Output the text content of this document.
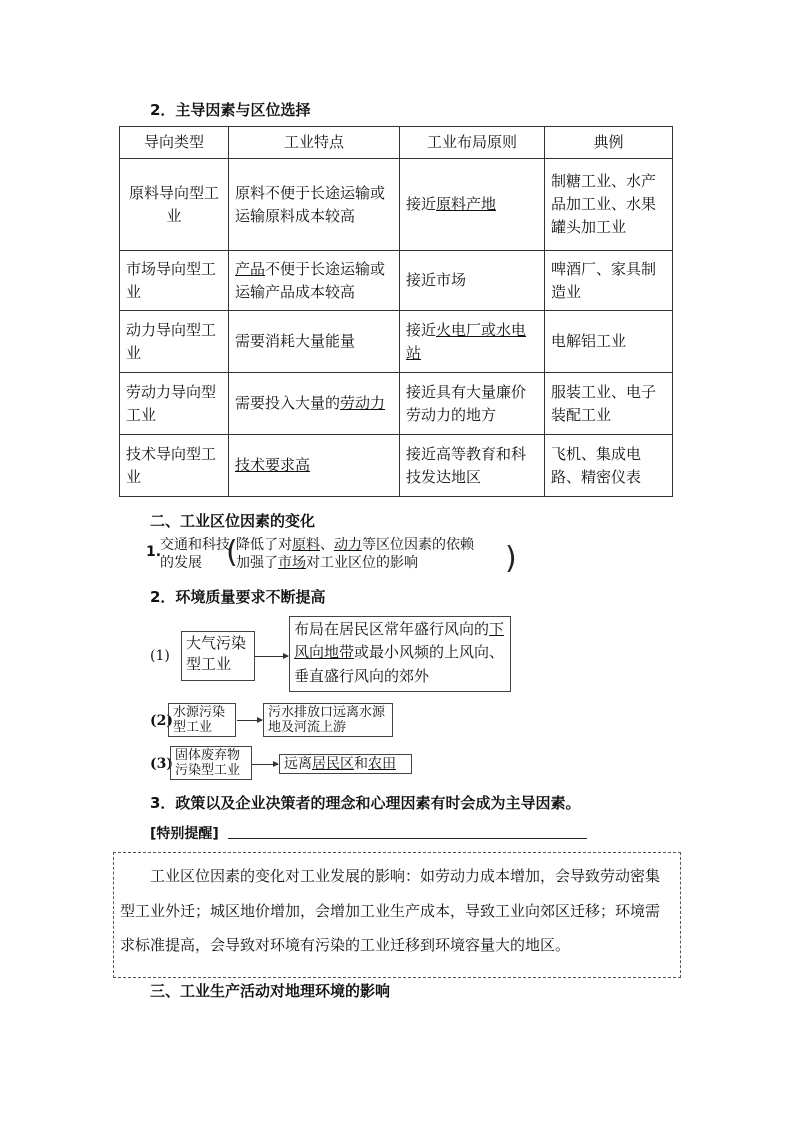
2．主导因素与区位选择
导向类型	工业特点	工业布局原则	典例
原料导向型工业	原料不便于长途运输或运输原料成本较高	接近原料产地	制糖工业、水产品加工业、水果罐头加工业
市场导向型工业	产品不便于长途运输或运输产品成本较高	接近市场	啤酒厂、家具制造业
动力导向型工业	需要消耗大量能量	接近火电厂或水电站	电解铝工业
劳动力导向型工业	需要投入大量的劳动力	接近具有大量廉价劳动力的地方	服装工业、电子装配工业
技术导向型工业	技术要求高	接近高等教育和科技发达地区	飞机、集成电路、精密仪表
二、工业区位因素的变化
1.
交通和科技的发展 (
降低了对原料、动力等区位因素的依赖
加强了市场对工业区位的影响	)
2．环境质量要求不断提高
(1)
大气污染型工业
布局在居民区常年盛行风向的下风向地带或最小风频的上风向、垂直盛行风向的郊外
(2)
水源污染型工业
污水排放口远离水源地及河流上游
(3)
固体废弃物污染型工业	远离居民区和农田
3．政策以及企业决策者的理念和心理因素有时会成为主导因素。
[特别提醒]
工业区位因素的变化对工业发展的影响：如劳动力成本增加，会导致劳动密集型工业外迁；城区地价增加，会增加工业生产成本，导致工业向郊区迁移；环境需求标准提高，会导致对环境有污染的工业迁移到环境容量大的地区。
三、工业生产活动对地理环境的影响
